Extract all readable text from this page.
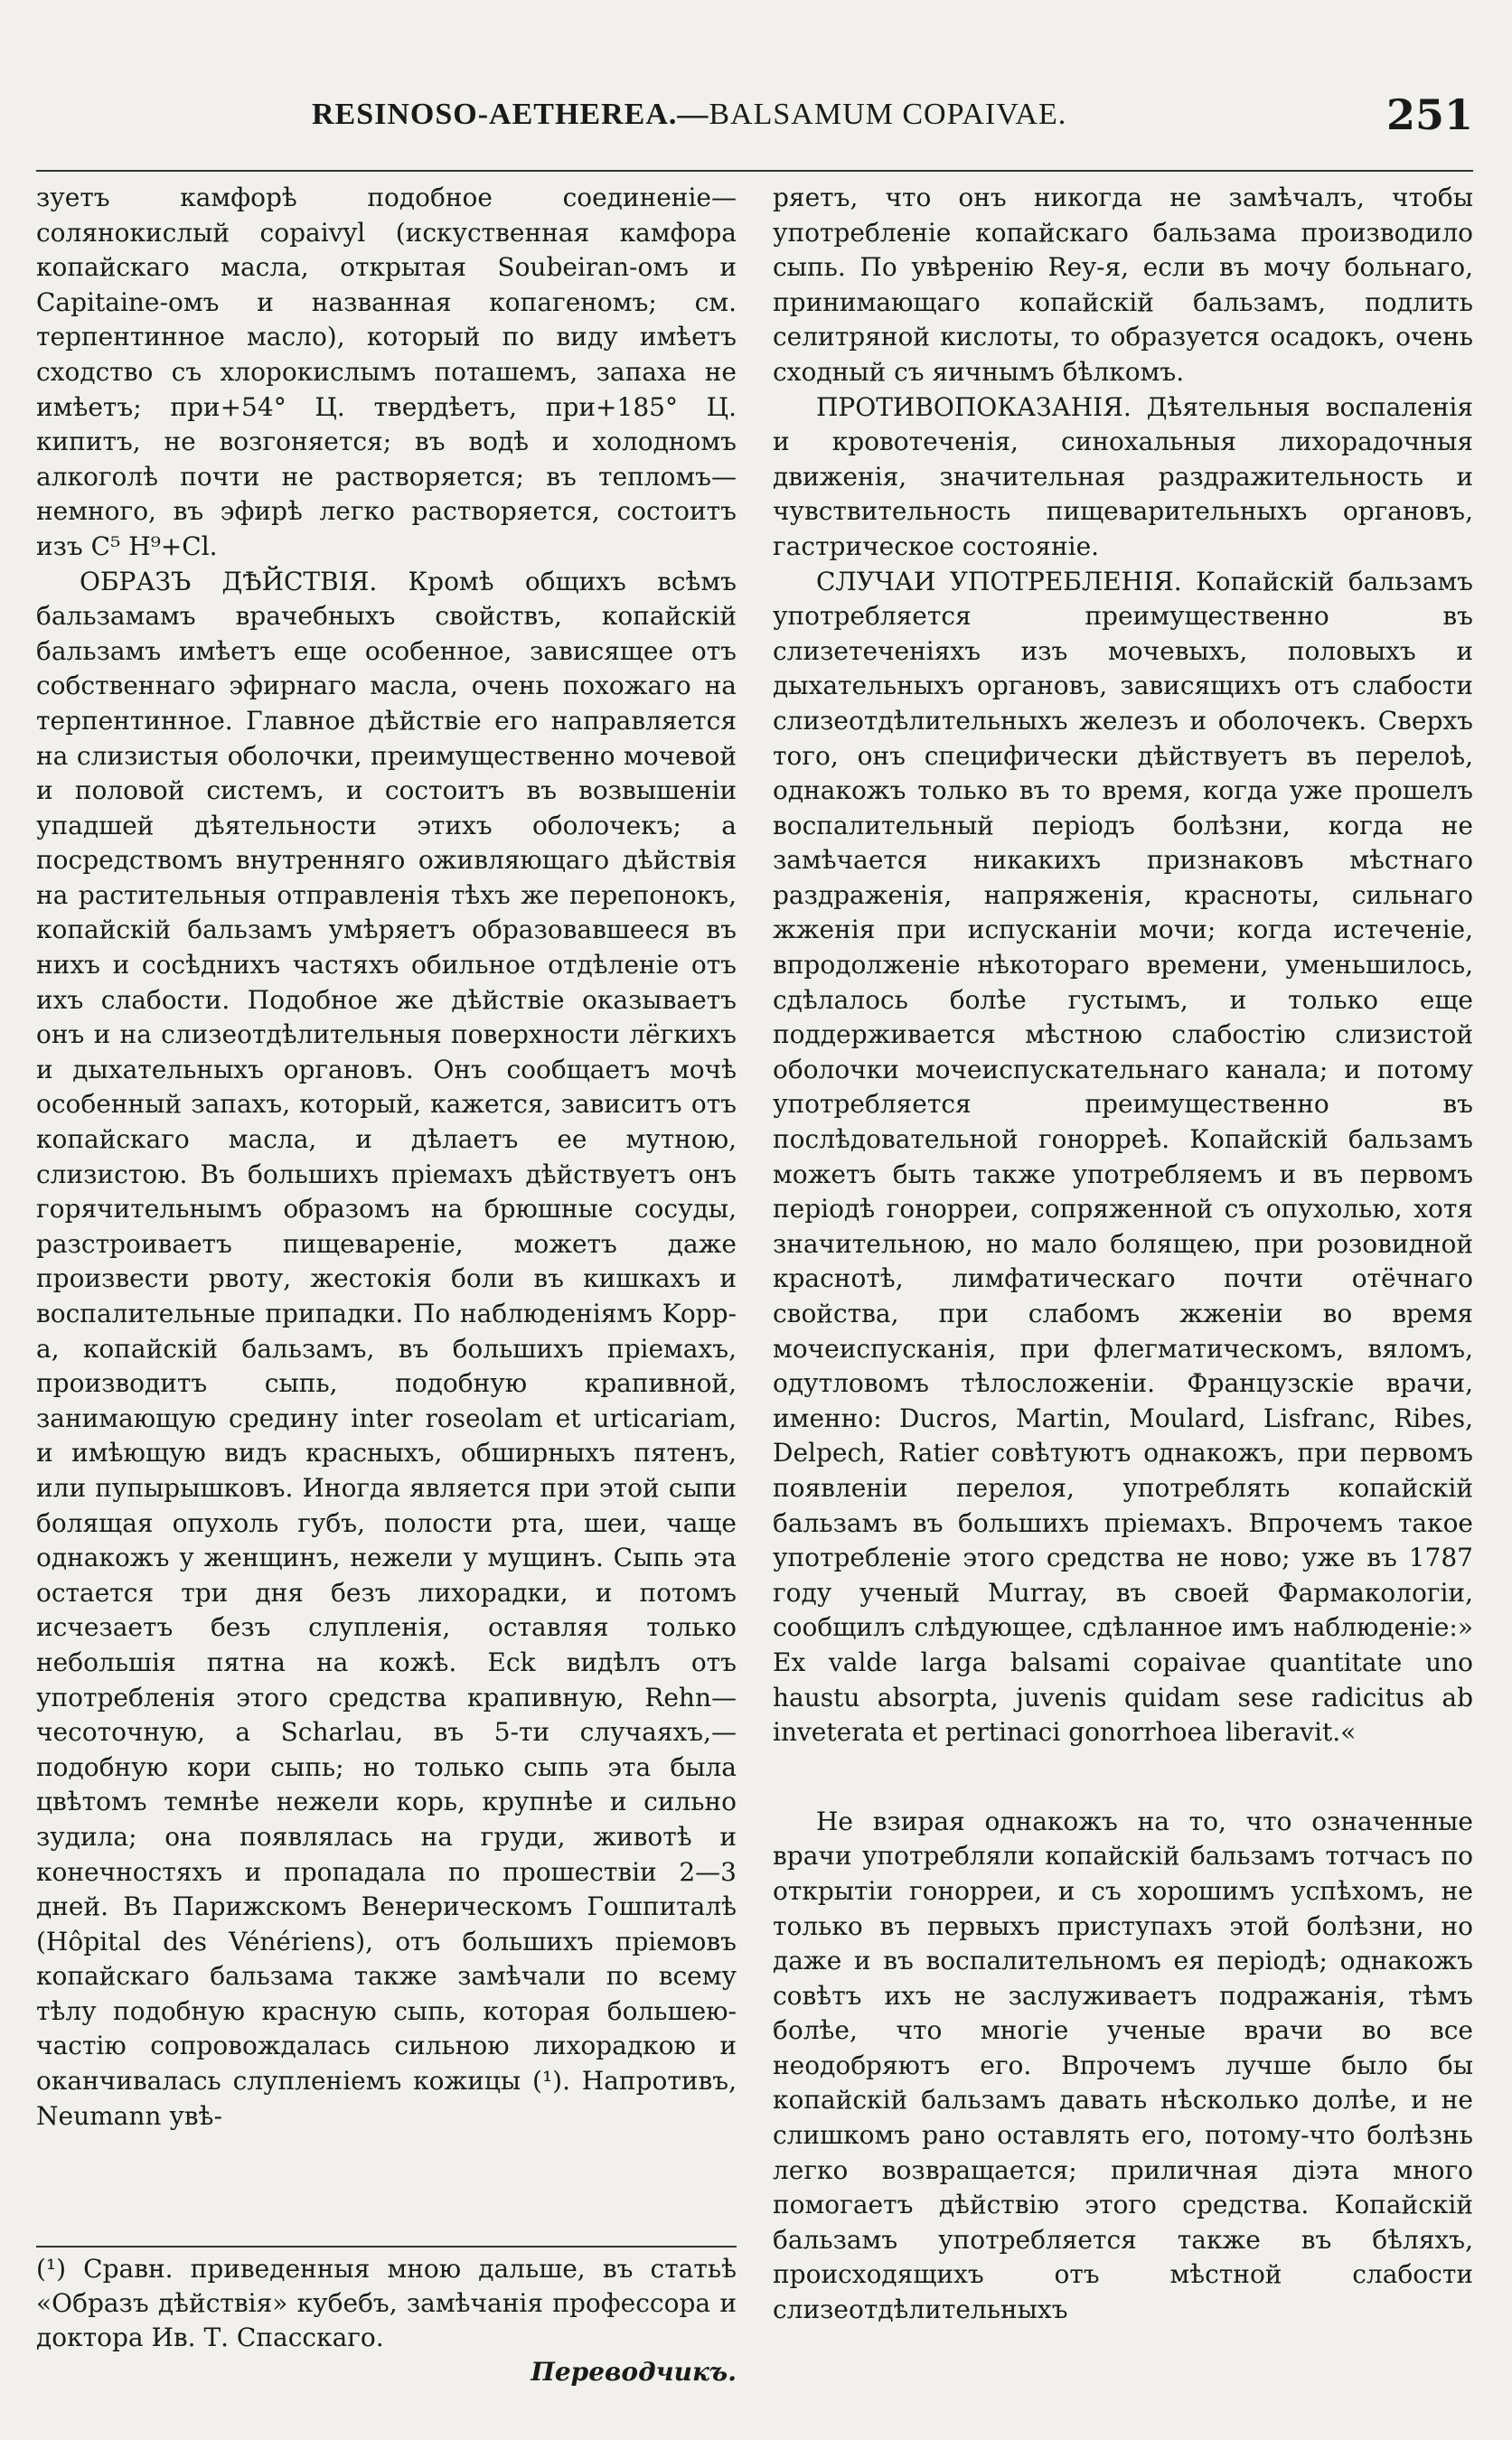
RESINOSO-AETHEREA.—BALSAMUM COPAIVAE.	251

зуетъ камфорѣ подобное соединеніе—солянокислый copaivyl (искуственная камфора копайскаго масла, открытая Soubeiran-омъ и Capitaine-омъ и названная копагеномъ; см. терпентинное масло), который по виду имѣетъ сходство съ хлорокислымъ поташемъ, запаха не имѣетъ; при+54° Ц. твердѣетъ, при+185° Ц. кипитъ, не возгоняется; въ водѣ и холодномъ алкоголѣ почти не растворяется; въ тепломъ—немного, въ эфирѣ легко растворяется, состоитъ изъ C⁵ H⁹+Cl.

ОБРАЗЪ ДѢЙСТВІЯ. Кромѣ общихъ всѣмъ бальзамамъ врачебныхъ свойствъ, копайскій бальзамъ имѣетъ еще особенное, зависящее отъ собственнаго эфирнаго масла, очень похожаго на терпентинное. Главное дѣйствіе его направляется на слизистыя оболочки, преимущественно мочевой и половой системъ, и состоитъ въ возвышеніи упадшей дѣятельности этихъ оболочекъ; а посредствомъ внутренняго оживляющаго дѣйствія на растительныя отправленія тѣхъ же перепонокъ, копайскій бальзамъ умѣряетъ образовавшееся въ нихъ и сосѣднихъ частяхъ обильное отдѣленіе отъ ихъ слабости. Подобное же дѣйствіе оказываетъ онъ и на слизеотдѣлительныя поверхности лёгкихъ и дыхательныхъ органовъ. Онъ сообщаетъ мочѣ особенный запахъ, который, кажется, зависитъ отъ копайскаго масла, и дѣлаетъ ее мутною, слизистою. Въ большихъ пріемахъ дѣйствуетъ онъ горячительнымъ образомъ на брюшные сосуды, разстроиваетъ пищевареніе, можетъ даже произвести рвоту, жестокія боли въ кишкахъ и воспалительные припадки. По наблюденіямъ Kopp-а, копайскій бальзамъ, въ большихъ пріемахъ, производитъ сыпь, подобную крапивной, занимающую средину inter roseolam et urticariam, и имѣющую видъ красныхъ, обширныхъ пятенъ, или пупырышковъ. Иногда является при этой сыпи болящая опухоль губъ, полости рта, шеи, чаще однакожъ у женщинъ, нежели у мущинъ. Сыпь эта остается три дня безъ лихорадки, и потомъ исчезаетъ безъ слупленія, оставляя только небольшія пятна на кожѣ. Eck видѣлъ отъ употребленія этого средства крапивную, Rehn—чесоточную, а Scharlau, въ 5-ти случаяхъ,—подобную кори сыпь; но только сыпь эта была цвѣтомъ темнѣе нежели корь, крупнѣе и сильно зудила; она появлялась на груди, животѣ и конечностяхъ и пропадала по прошествіи 2—3 дней. Въ Парижскомъ Венерическомъ Гошпиталѣ (Hôpital des Vénériens), отъ большихъ пріемовъ копайскаго бальзама также замѣчали по всему тѣлу подобную красную сыпь, которая большею-частію сопровождалась сильною лихорадкою и оканчивалась слупленіемъ кожицы (¹). Напротивъ, Neumann увѣ-

(¹) Сравн. приведенныя мною дальше, въ статьѣ «Образъ дѣйствія» кубебъ, замѣчанія профессора и доктора Ив. Т. Спасскаго.
Переводчикъ.

ряетъ, что онъ никогда не замѣчалъ, чтобы употребленіе копайскаго бальзама производило сыпь. По увѣренію Rey-я, если въ мочу больнаго, принимающаго копайскій бальзамъ, подлить селитряной кислоты, то образуется осадокъ, очень сходный съ яичнымъ бѣлкомъ.

ПРОТИВОПОКАЗАНІЯ. Дѣятельныя воспаленія и кровотеченія, синохальныя лихорадочныя движенія, значительная раздражительность и чувствительность пищеварительныхъ органовъ, гастрическое состояніе.

СЛУЧАИ УПОТРЕБЛЕНІЯ. Копайскій бальзамъ употребляется преимущественно въ слизетеченіяхъ изъ мочевыхъ, половыхъ и дыхательныхъ органовъ, зависящихъ отъ слабости слизеотдѣлительныхъ железъ и оболочекъ. Сверхъ того, онъ специфически дѣйствуетъ въ перелоѣ, однакожъ только въ то время, когда уже прошелъ воспалительный періодъ болѣзни, когда не замѣчается никакихъ признаковъ мѣстнаго раздраженія, напряженія, красноты, сильнаго жженія при испусканіи мочи; когда истеченіе, впродолженіе нѣкотораго времени, уменьшилось, сдѣлалось болѣе густымъ, и только еще поддерживается мѣстною слабостію слизистой оболочки мочеиспускательнаго канала; и потому употребляется преимущественно въ послѣдовательной гонорреѣ. Копайскій бальзамъ можетъ быть также употребляемъ и въ первомъ періодѣ гонорреи, сопряженной съ опухолью, хотя значительною, но мало болящею, при розовидной краснотѣ, лимфатическаго почти отёчнаго свойства, при слабомъ жженіи во время мочеиспусканія, при флегматическомъ, вяломъ, одутловомъ тѣлосложеніи. Французскіе врачи, именно: Ducros, Martin, Moulard, Lisfranc, Ribes, Delpech, Ratier совѣтуютъ однакожъ, при первомъ появленіи перелоя, употреблять копайскій бальзамъ въ большихъ пріемахъ. Впрочемъ такое употребленіе этого средства не ново; уже въ 1787 году ученый Murray, въ своей Фармакологіи, сообщилъ слѣдующее, сдѣланное имъ наблюденіе:» Ex valde larga balsami copaivae quantitate uno haustu absorpta, juvenis quidam sese radicitus ab inveterata et pertinaci gonorrhoea liberavit.«

Не взирая однакожъ на то, что означенные врачи употребляли копайскій бальзамъ тотчасъ по открытіи гонорреи, и съ хорошимъ успѣхомъ, не только въ первыхъ приступахъ этой болѣзни, но даже и въ воспалительномъ ея періодѣ; однакожъ совѣтъ ихъ не заслуживаетъ подражанія, тѣмъ болѣе, что многіе ученые врачи во все неодобряютъ его. Впрочемъ лучше было бы копайскій бальзамъ давать нѣсколько долѣе, и не слишкомъ рано оставлять его, потому-что болѣзнь легко возвращается; приличная діэта много помогаетъ дѣйствію этого средства. Копайскій бальзамъ употребляется также въ бѣляхъ, происходящихъ отъ мѣстной слабости слизеотдѣлительныхъ
